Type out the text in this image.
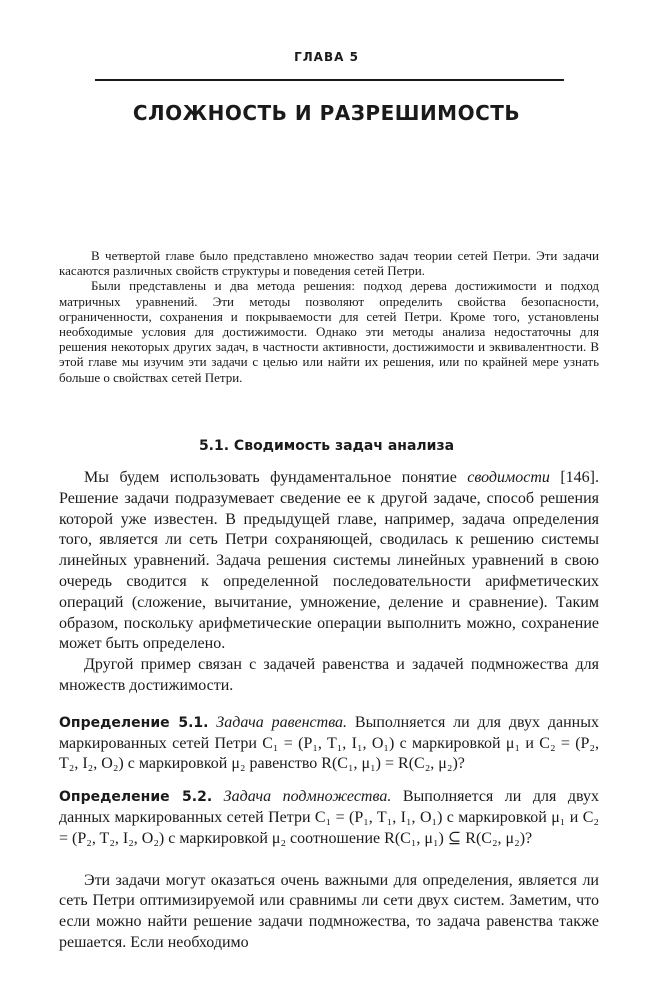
ГЛАВА 5
СЛОЖНОСТЬ И РАЗРЕШИМОСТЬ

В четвертой главе было представлено множество задач теории сетей Петри. Эти задачи касаются различных свойств структуры и поведения сетей Петри.

Были представлены и два метода решения: подход дерева достижимости и подход матричных уравнений. Эти методы позволяют определить свойства безопасности, ограниченности, сохранения и покрываемости для сетей Петри. Кроме того, установлены необходимые условия для достижимости. Однако эти методы анализа недостаточны для решения некоторых других задач, в частности активности, достижимости и эквивалентности. В этой главе мы изучим эти задачи с целью или найти их решения, или по крайней мере узнать больше о свойствах сетей Петри.

5.1. Сводимость задач анализа

Мы будем использовать фундаментальное понятие сводимости [146]. Решение задачи подразумевает сведение ее к другой задаче, способ решения которой уже известен. В предыдущей главе, например, задача определения того, является ли сеть Петри сохраняющей, сводилась к решению системы линейных уравнений. Задача решения системы линейных уравнений в свою очередь сводится к определенной последовательности арифметических операций (сложение, вычитание, умножение, деление и сравнение). Таким образом, поскольку арифметические операции выполнить можно, сохранение может быть определено.

Другой пример связан с задачей равенства и задачей подмножества для множеств достижимости.

Определение 5.1. Задача равенства. Выполняется ли для двух данных маркированных сетей Петри C₁ = (P₁, T₁, I₁, O₁) с маркировкой μ₁ и C₂ = (P₂, T₂, I₂, O₂) с маркировкой μ₂ равенство R(C₁, μ₁) = R(C₂, μ₂)?

Определение 5.2. Задача подмножества. Выполняется ли для двух данных маркированных сетей Петри C₁ = (P₁, T₁, I₁, O₁) с маркировкой μ₁ и C₂ = (P₂, T₂, I₂, O₂) с маркировкой μ₂ соотношение R(C₁, μ₁) ⊆ R(C₂, μ₂)?

Эти задачи могут оказаться очень важными для определения, является ли сеть Петри оптимизируемой или сравнимы ли сети двух систем. Заметим, что если можно найти решение задачи подмножества, то задача равенства также решается. Если необходимо
